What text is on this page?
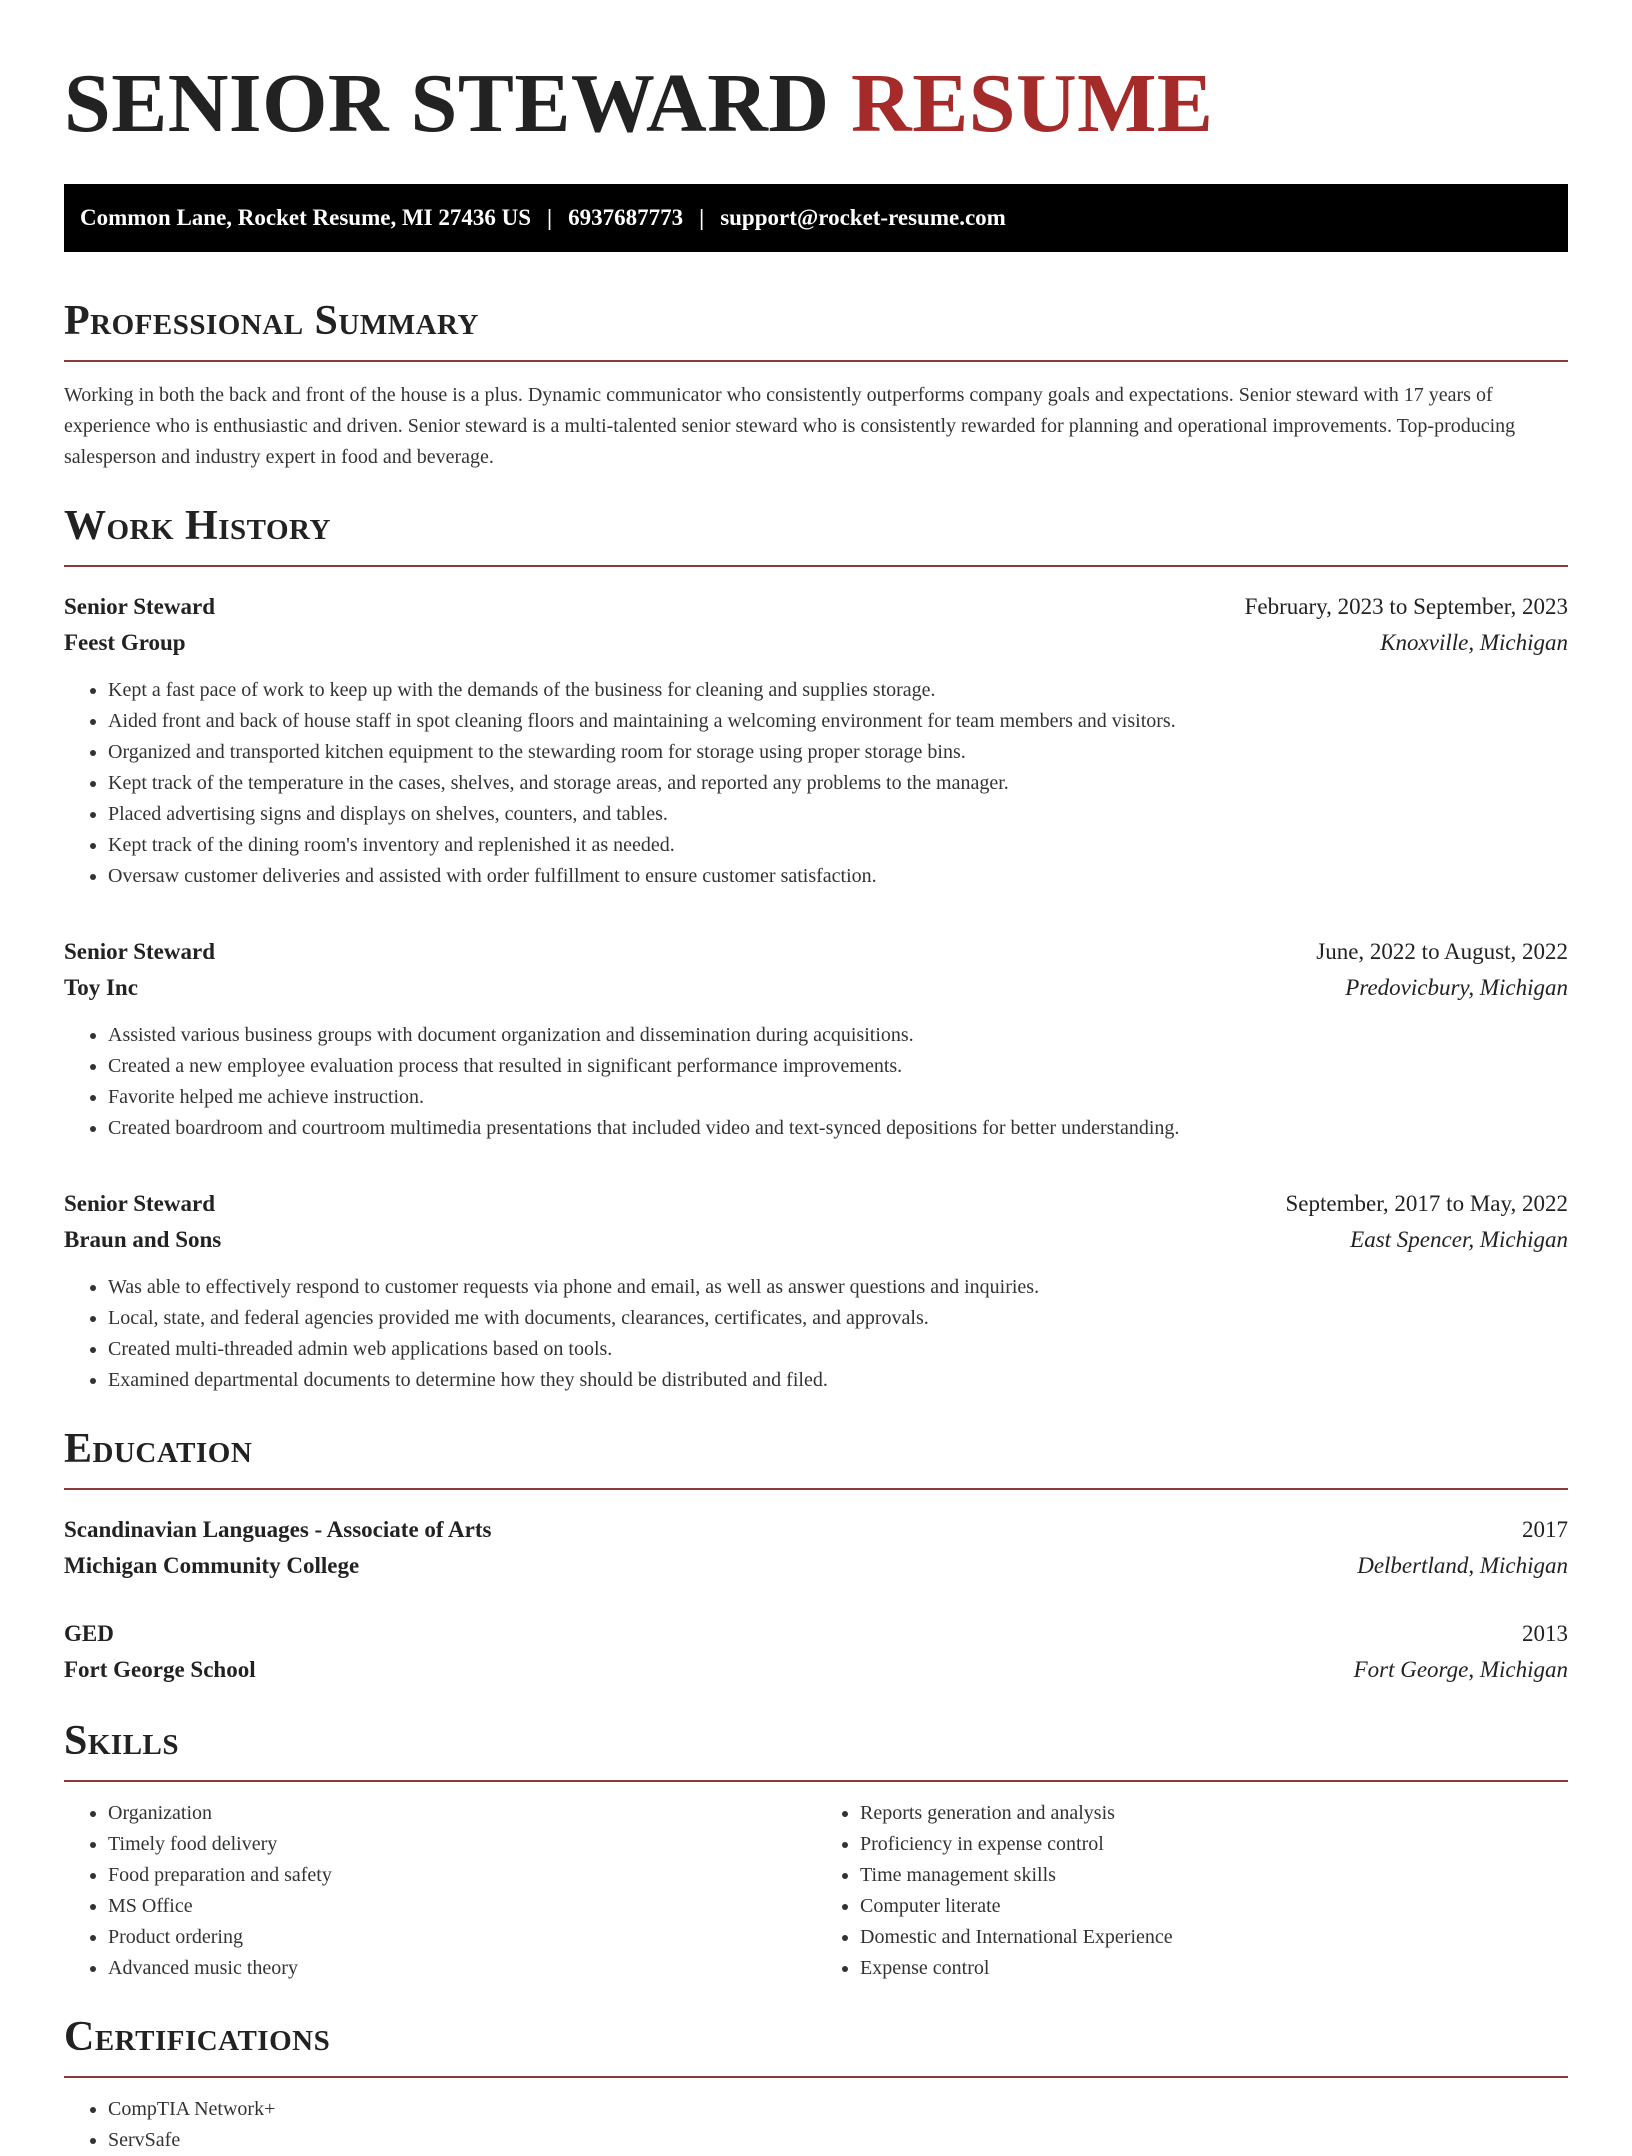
SENIOR STEWARD RESUME
Common Lane, Rocket Resume, MI 27436 US | 6937687773 | support@rocket-resume.com
Professional Summary

Working in both the back and front of the house is a plus. Dynamic communicator who consistently outperforms company goals and expectations. Senior steward with 17 years of experience who is enthusiastic and driven. Senior steward is a multi-talented senior steward who is consistently rewarded for planning and operational improvements. Top-producing salesperson and industry expert in food and beverage.

Work History
Senior Steward	February, 2023 to September, 2023
Feest Group	Knoxville, Michigan
• Kept a fast pace of work to keep up with the demands of the business for cleaning and supplies storage.
• Aided front and back of house staff in spot cleaning floors and maintaining a welcoming environment for team members and visitors.
• Organized and transported kitchen equipment to the stewarding room for storage using proper storage bins.
• Kept track of the temperature in the cases, shelves, and storage areas, and reported any problems to the manager.
• Placed advertising signs and displays on shelves, counters, and tables.
• Kept track of the dining room's inventory and replenished it as needed.
• Oversaw customer deliveries and assisted with order fulfillment to ensure customer satisfaction.
Senior Steward	June, 2022 to August, 2022
Toy Inc	Predovicbury, Michigan
• Assisted various business groups with document organization and dissemination during acquisitions.
• Created a new employee evaluation process that resulted in significant performance improvements.
• Favorite helped me achieve instruction.
• Created boardroom and courtroom multimedia presentations that included video and text-synced depositions for better understanding.
Senior Steward	September, 2017 to May, 2022
Braun and Sons	East Spencer, Michigan
• Was able to effectively respond to customer requests via phone and email, as well as answer questions and inquiries.
• Local, state, and federal agencies provided me with documents, clearances, certificates, and approvals.
• Created multi-threaded admin web applications based on tools.
• Examined departmental documents to determine how they should be distributed and filed.
Education
Scandinavian Languages - Associate of Arts	2017
Michigan Community College	Delbertland, Michigan
GED	2013
Fort George School	Fort George, Michigan
Skills
• Organization
• Timely food delivery
• Food preparation and safety
• MS Office
• Product ordering
• Advanced music theory
• Reports generation and analysis
• Proficiency in expense control
• Time management skills
• Computer literate
• Domestic and International Experience
• Expense control
Certifications
• CompTIA Network+
• ServSafe
